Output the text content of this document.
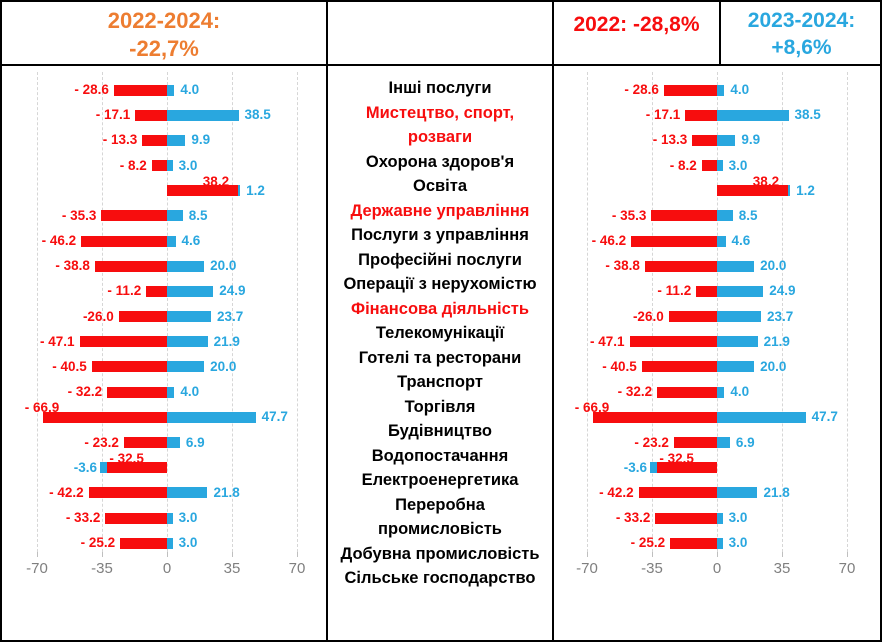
2022-2024:
-22,7%
2022: -28,8%	2023-2024:
+8,6%
-70	-35	0	35	70
- 28.6	4.0
- 17.1	38.5
- 13.3	9.9
- 8.2 3.0
38.2
1.2
- 35.3	8.5
- 46.2	4.6
- 38.8	20.0
- 11.2	24.9
-26.0	23.7
- 47.1	21.9
- 40.5	20.0
- 32.2	4.0
- 66.9
47.7
- 23.2	6.9
- 32.5
-3.6
- 42.2	21.8
- 33.2	3.0
- 25.2	3.0
Інші послуги
Мистецтво, спорт,
розваги
Охорона здоров'я
Освіта
Державне управління
Послуги з управління
Професійні послуги
Операції з нерухомістю
Фінансова діяльність
Телекомунікації
Готелі та ресторани
Транспорт
Торгівля
Будівництво
Водопостачання
Електроенергетика
Переробна
промисловість
Добувна промисловість
Сільське господарство
-70	-35	0	35	70
- 28.6	4.0
- 17.1	38.5
- 13.3	9.9
- 8.2 3.0
38.2
1.2
- 35.3	8.5
- 46.2	4.6
- 38.8	20.0
- 11.2	24.9
-26.0	23.7
- 47.1	21.9
- 40.5	20.0
- 32.2	4.0
- 66.9
47.7
- 23.2	6.9
- 32.5
-3.6
- 42.2	21.8
- 33.2	3.0
- 25.2	3.0
